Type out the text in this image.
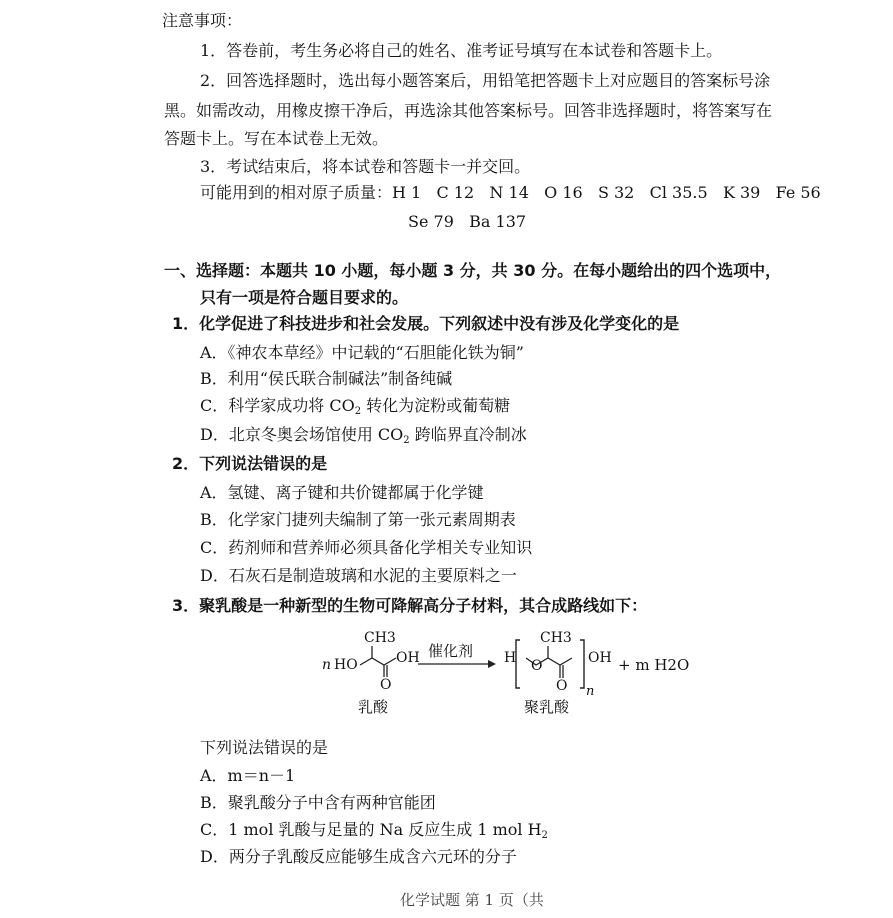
注意事项：
1．答卷前，考生务必将自己的姓名、准考证号填写在本试卷和答题卡上。
2．回答选择题时，选出每小题答案后，用铅笔把答题卡上对应题目的答案标号涂
黑。如需改动，用橡皮擦干净后，再选涂其他答案标号。回答非选择题时，将答案写在
答题卡上。写在本试卷上无效。
3．考试结束后，将本试卷和答题卡一并交回。
可能用到的相对原子质量：H 1   C 12   N 14   O 16   S 32   Cl 35.5   K 39   Fe 56
Se 79   Ba 137
一、选择题：本题共 10 小题，每小题 3 分，共 30 分。在每小题给出的四个选项中，
只有一项是符合题目要求的。
1．化学促进了科技进步和社会发展。下列叙述中没有涉及化学变化的是
A．《神农本草经》中记载的“石胆能化铁为铜”
B．利用“侯氏联合制碱法”制备纯碱
C．科学家成功将 $CO_2$ 转化为淀粉或葡萄糖
D．北京冬奥会场馆使用 $CO_2$ 跨临界直冷制冰
2．下列说法错误的是
A．氢键、离子键和共价键都属于化学键
B．化学家门捷列夫编制了第一张元素周期表
C．药剂师和营养师必须具备化学相关专业知识
D．石灰石是制造玻璃和水泥的主要原料之一
3．聚乳酸是一种新型的生物可降解高分子材料，其合成路线如下：
n HO
CH3
OH
O
乳酸
催化剂 H O
CH3
OH
O n
+ m H2O
聚乳酸
下列说法错误的是
A．m＝n－1
B．聚乳酸分子中含有两种官能团
C．1 mol 乳酸与足量的 Na 反应生成 1 mol $H_2$
D．两分子乳酸反应能够生成含六元环的分子
化学试题 第 1 页（共
